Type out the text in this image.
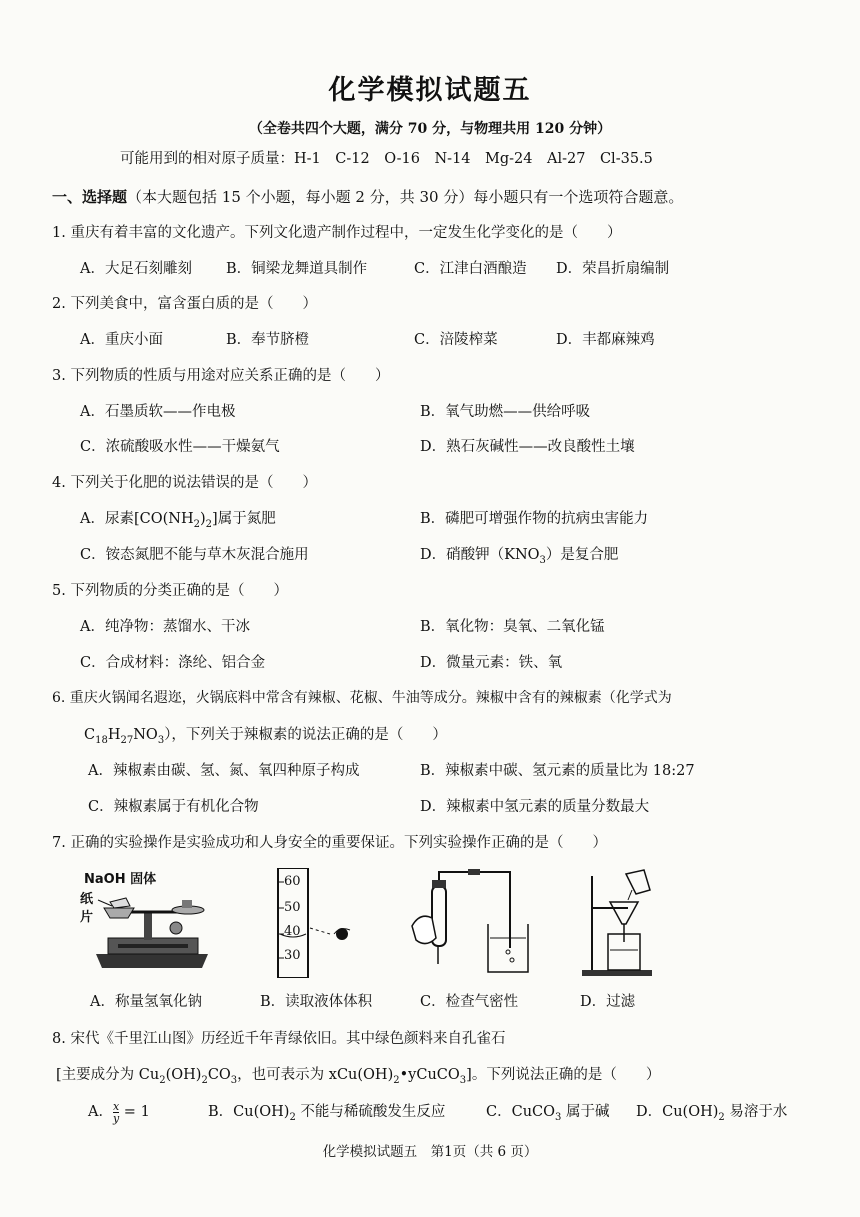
化学模拟试题五
（全卷共四个大题，满分 70 分，与物理共用 120 分钟）
可能用到的相对原子质量：H-1　C-12　O-16　N-14　Mg-24　Al-27　Cl-35.5
一、选择题（本大题包括 15 个小题，每小题 2 分，共 30 分）每小题只有一个选项符合题意。
1. 重庆有着丰富的文化遗产。下列文化遗产制作过程中，一定发生化学变化的是（　　）
A．大足石刻雕刻 B．铜梁龙舞道具制作	C．江津白酒酿造 D．荣昌折扇编制
2. 下列美食中，富含蛋白质的是（　　）
A．重庆小面	B．奉节脐橙	C．涪陵榨菜	D．丰都麻辣鸡
3. 下列物质的性质与用途对应关系正确的是（　　）
A．石墨质软——作电极	B．氧气助燃——供给呼吸
C．浓硫酸吸水性——干燥氨气	D．熟石灰碱性——改良酸性土壤
4. 下列关于化肥的说法错误的是（　　）
A．尿素$[CO(NH_2)_2]$属于氮肥	B．磷肥可增强作物的抗病虫害能力
C．铵态氮肥不能与草木灰混合施用	D．硝酸钾$(KNO_3)$是复合肥
5. 下列物质的分类正确的是（　　）
A．纯净物：蒸馏水、干冰	B．氧化物：臭氧、二氧化锰
C．合成材料：涤纶、铝合金	D．微量元素：铁、氧
6. 重庆火锅闻名遐迩，火锅底料中常含有辣椒、花椒、牛油等成分。辣椒中含有的辣椒素（化学式为
$C_{18}H_{27}NO_3$），下列关于辣椒素的说法正确的是（　　）
A．辣椒素由碳、氢、氮、氧四种原子构成	B．辣椒素中碳、氢元素的质量比为 18:27
C．辣椒素属于有机化合物	D．辣椒素中氢元素的质量分数最大
7. 正确的实验操作是实验成功和人身安全的重要保证。下列实验操作正确的是（　　）
NaOH 固体
纸
片
60
50
40
30
A．称量氢氧化钠	B．读取液体体积	C．检查气密性	D．过滤
8. 宋代《千里江山图》历经近千年青绿依旧。其中绿色颜料来自孔雀石
[主要成分为 $Cu_2(OH)_2CO_3$，也可表示为 $xCu(OH)_2•yCuCO_3$]。下列说法正确的是（　　）
A． $\frac{x}{y} = 1$	B．$Cu(OH)_2$ 不能与稀硫酸发生反应	C．CuCO$_3$ 属于碱 D．$Cu(OH)_2$ 易溶于水
化学模拟试题五　第1页（共 6 页）
